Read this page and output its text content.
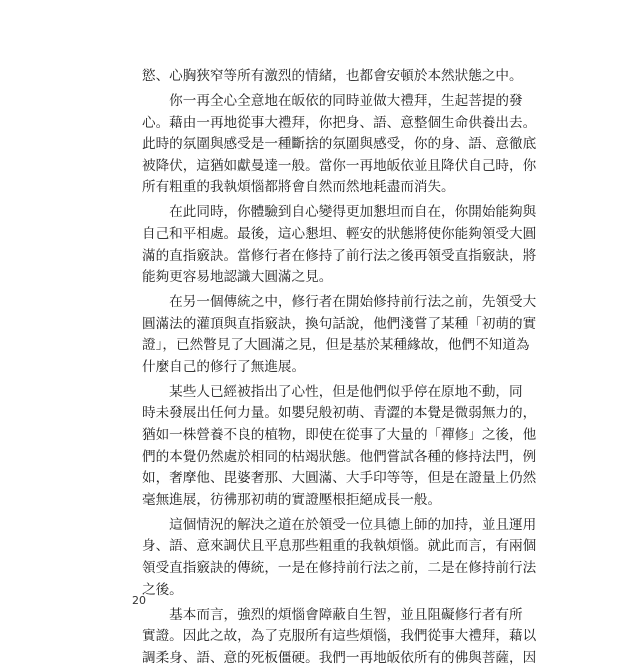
慾、心胸狹窄等所有激烈的情緒，也都會安頓於本然狀態之中。
　　你一再全心全意地在皈依的同時並做大禮拜，生起菩提的發
心。藉由一再地從事大禮拜，你把身、語、意整個生命供養出去。
此時的氛圍與感受是一種斷捨的氛圍與感受，你的身、語、意徹底
被降伏，這猶如獻曼達一般。當你一再地皈依並且降伏自己時，你
所有粗重的我執煩惱都將會自然而然地耗盡而消失。
　　在此同時，你體驗到自心變得更加懇坦而自在，你開始能夠與
自己和平相處。最後，這心懇坦、輕安的狀態將使你能夠領受大圓
滿的直指竅訣。當修行者在修持了前行法之後再領受直指竅訣，將
能夠更容易地認識大圓滿之見。
　　在另一個傳統之中，修行者在開始修持前行法之前，先領受大
圓滿法的灌頂與直指竅訣，換句話說，他們淺嘗了某種「初萌的實
證」，已然瞥見了大圓滿之見，但是基於某種緣故，他們不知道為
什麼自己的修行了無進展。
　　某些人已經被指出了心性，但是他們似乎停在原地不動，同
時未發展出任何力量。如嬰兒般初萌、青澀的本覺是微弱無力的，
猶如一株營養不良的植物，即使在從事了大量的「禪修」之後，他
們的本覺仍然處於相同的枯竭狀態。他們嘗試各種的修持法門，例
如，奢摩他、毘婆奢那、大圓滿、大手印等等，但是在證量上仍然
毫無進展，彷彿那初萌的實證壓根拒絕成長一般。
　　這個情況的解決之道在於領受一位具德上師的加持，並且運用
身、語、意來調伏且平息那些粗重的我執煩惱。就此而言，有兩個
領受直指竅訣的傳統，一是在修持前行法之前，二是在修持前行法
之後。
　　基本而言，強烈的煩惱會障蔽自生智，並且阻礙修行者有所
實證。因此之故，為了克服所有這些煩惱，我們從事大禮拜，藉以
調柔身、語、意的死板僵硬。我們一再地皈依所有的佛與菩薩，因
20
